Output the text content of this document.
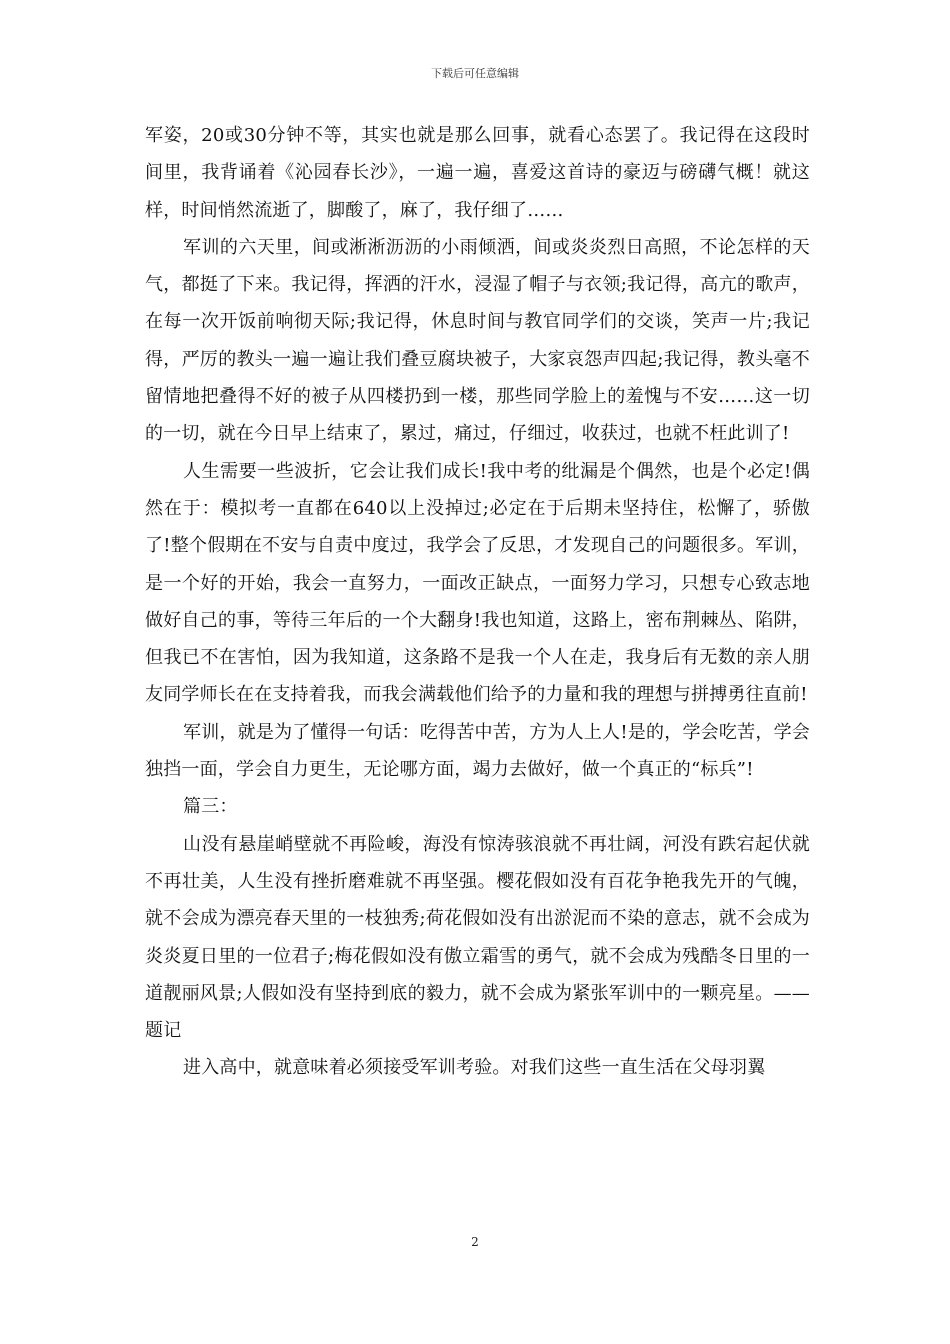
下载后可任意编辑

军姿，20或30分钟不等，其实也就是那么回事，就看心态罢了。我记得在这段时间里，我背诵着《沁园春长沙》，一遍一遍，喜爱这首诗的豪迈与磅礴气概！就这样，时间悄然流逝了，脚酸了，麻了，我仔细了……

军训的六天里，间或淅淅沥沥的小雨倾洒，间或炎炎烈日高照，不论怎样的天气，都挺了下来。我记得，挥洒的汗水，浸湿了帽子与衣领;我记得，高亢的歌声，在每一次开饭前响彻天际;我记得，休息时间与教官同学们的交谈，笑声一片;我记得，严厉的教头一遍一遍让我们叠豆腐块被子，大家哀怨声四起;我记得，教头毫不留情地把叠得不好的被子从四楼扔到一楼，那些同学脸上的羞愧与不安……这一切的一切，就在今日早上结束了，累过，痛过，仔细过，收获过，也就不枉此训了!

人生需要一些波折，它会让我们成长!我中考的纰漏是个偶然，也是个必定!偶然在于：模拟考一直都在640以上没掉过;必定在于后期未坚持住，松懈了，骄傲了!整个假期在不安与自责中度过，我学会了反思，才发现自己的问题很多。军训，是一个好的开始，我会一直努力，一面改正缺点，一面努力学习，只想专心致志地做好自己的事，等待三年后的一个大翻身!我也知道，这路上，密布荆棘丛、陷阱，但我已不在害怕，因为我知道，这条路不是我一个人在走，我身后有无数的亲人朋友同学师长在在支持着我，而我会满载他们给予的力量和我的理想与拼搏勇往直前!

军训，就是为了懂得一句话：吃得苦中苦，方为人上人!是的，学会吃苦，学会独挡一面，学会自力更生，无论哪方面，竭力去做好，做一个真正的“标兵”!

篇三：

山没有悬崖峭壁就不再险峻，海没有惊涛骇浪就不再壮阔，河没有跌宕起伏就不再壮美，人生没有挫折磨难就不再坚强。樱花假如没有百花争艳我先开的气魄，就不会成为漂亮春天里的一枝独秀;荷花假如没有出淤泥而不染的意志，就不会成为炎炎夏日里的一位君子;梅花假如没有傲立霜雪的勇气，就不会成为残酷冬日里的一道靓丽风景;人假如没有坚持到底的毅力，就不会成为紧张军训中的一颗亮星。——题记

进入高中，就意味着必须接受军训考验。对我们这些一直生活在父母羽翼

2
